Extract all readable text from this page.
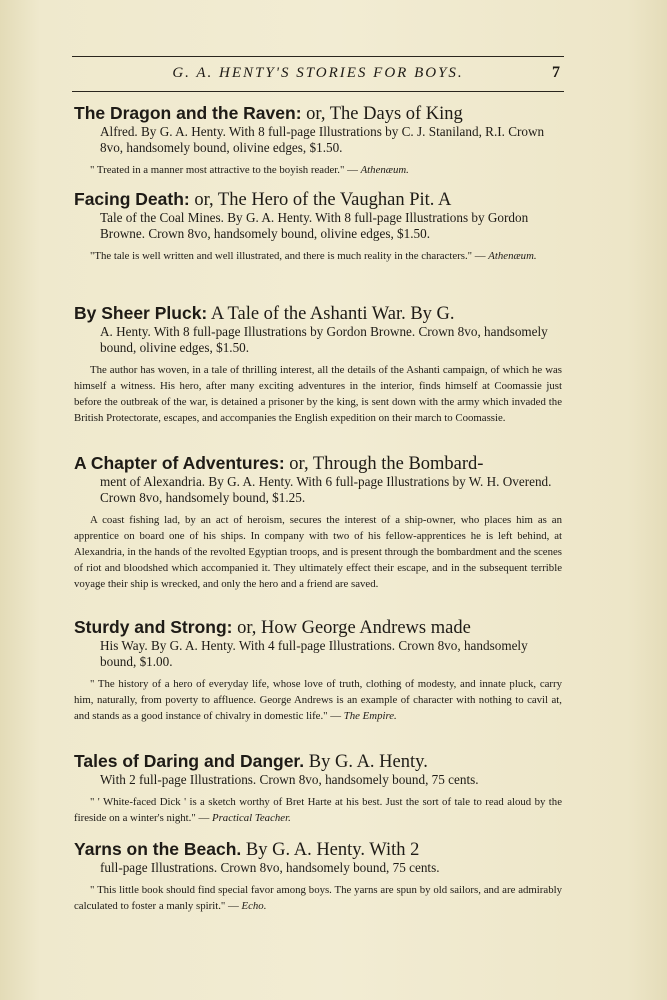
G. A. HENTY'S STORIES FOR BOYS.	7

The Dragon and the Raven: or, The Days of King

Alfred. By G. A. Henty. With 8 full-page Illustrations by C. J. Staniland, R.I. Crown 8vo, handsomely bound, olivine edges, $1.50.

" Treated in a manner most attractive to the boyish reader." — Athenæum.

Facing Death: or, The Hero of the Vaughan Pit. A

Tale of the Coal Mines. By G. A. Henty. With 8 full-page Illustrations by Gordon Browne. Crown 8vo, handsomely bound, olivine edges, $1.50.

"The tale is well written and well illustrated, and there is much reality in the characters." — Athenæum.

By Sheer Pluck: A Tale of the Ashanti War. By G.

A. Henty. With 8 full-page Illustrations by Gordon Browne. Crown 8vo, handsomely bound, olivine edges, $1.50.

The author has woven, in a tale of thrilling interest, all the details of the Ashanti campaign, of which he was himself a witness. His hero, after many exciting adventures in the interior, finds himself at Coomassie just before the outbreak of the war, is detained a prisoner by the king, is sent down with the army which invaded the British Protectorate, escapes, and accompanies the English expedition on their march to Coomassie.

A Chapter of Adventures: or, Through the Bombard-

ment of Alexandria. By G. A. Henty. With 6 full-page Illustrations by W. H. Overend. Crown 8vo, handsomely bound, $1.25.

A coast fishing lad, by an act of heroism, secures the interest of a ship-owner, who places him as an apprentice on board one of his ships. In company with two of his fellow-apprentices he is left behind, at Alexandria, in the hands of the revolted Egyptian troops, and is present through the bombardment and the scenes of riot and bloodshed which accompanied it. They ultimately effect their escape, and in the subsequent terrible voyage their ship is wrecked, and only the hero and a friend are saved.

Sturdy and Strong: or, How George Andrews made

His Way. By G. A. Henty. With 4 full-page Illustrations. Crown 8vo, handsomely bound, $1.00.

" The history of a hero of everyday life, whose love of truth, clothing of modesty, and innate pluck, carry him, naturally, from poverty to affluence. George Andrews is an example of character with nothing to cavil at, and stands as a good instance of chivalry in domestic life." — The Empire.

Tales of Daring and Danger. By G. A. Henty.

With 2 full-page Illustrations. Crown 8vo, handsomely bound, 75 cents.

" ' White-faced Dick ' is a sketch worthy of Bret Harte at his best. Just the sort of tale to read aloud by the fireside on a winter's night." — Practical Teacher.

Yarns on the Beach. By G. A. Henty. With 2

full-page Illustrations. Crown 8vo, handsomely bound, 75 cents.

" This little book should find special favor among boys. The yarns are spun by old sailors, and are admirably calculated to foster a manly spirit." — Echo.
